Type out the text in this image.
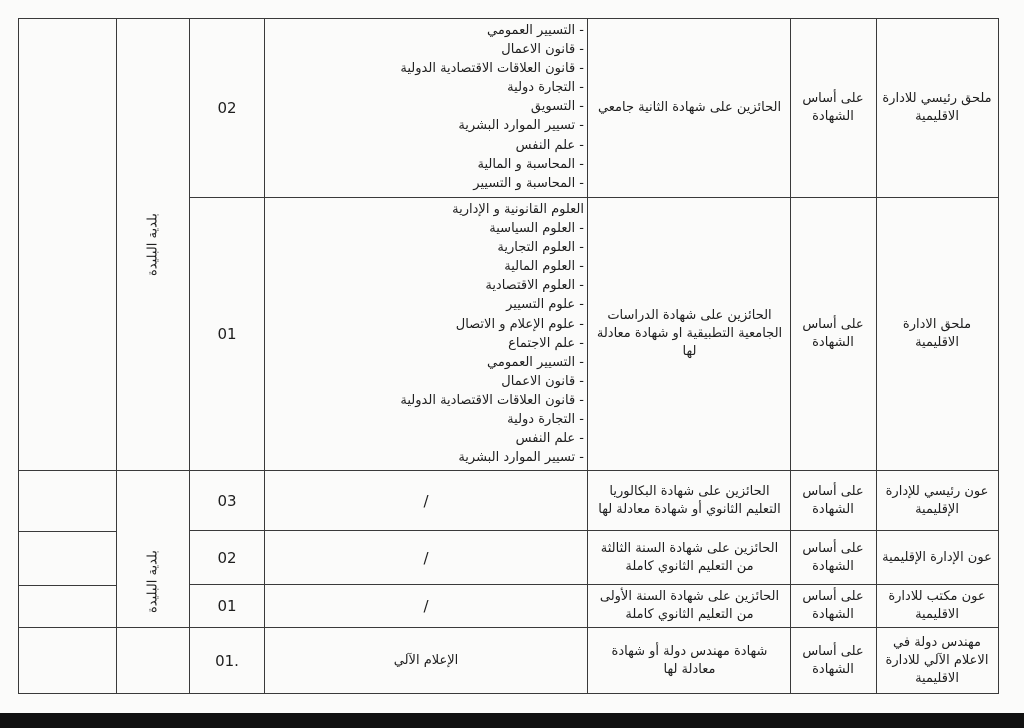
بلدية البليدة
بلدية البليدة
ملحق رئيسي للادارة الاقليمية
على أساس الشهادة
الحائزين على شهادة الثانية جامعي
- التسيير العمومي
- قانون الاعمال
- قانون العلاقات الاقتصادية الدولية
- التجارة دولية
- التسويق
- تسيير الموارد البشرية
- علم النفس
- المحاسبة و المالية
- المحاسبة و التسيير
02
ملحق الادارة الاقليمية
على أساس الشهادة
الحائزين على شهادة الدراسات الجامعية التطبيقية او شهادة معادلة لها
العلوم القانونية و الإدارية
- العلوم السياسية
- العلوم التجارية
- العلوم المالية
- العلوم الاقتصادية
- علوم التسيير
- علوم الإعلام و الاتصال
- علم الاجتماع
- التسيير العمومي
- قانون الاعمال
- قانون العلاقات الاقتصادية الدولية
- التجارة دولية
- علم النفس
- تسيير الموارد البشرية
01
عون رئيسي للإدارة الإقليمية
على أساس الشهادة
الحائزين على شهادة البكالوريا التعليم الثانوي أو شهادة معادلة لها
/
03
عون الإدارة الإقليمية
على أساس الشهادة
الحائزين على شهادة السنة الثالثة من التعليم الثانوي كاملة
/
02
عون مكتب للادارة الاقليمية
على أساس الشهادة
الحائزين على شهادة السنة الأولى من التعليم الثانوي كاملة
/
01
مهندس دولة في الاعلام الآلي للادارة الاقليمية
على أساس الشهادة
شهادة مهندس دولة أو شهادة معادلة لها
الإعلام الآلي
01.
